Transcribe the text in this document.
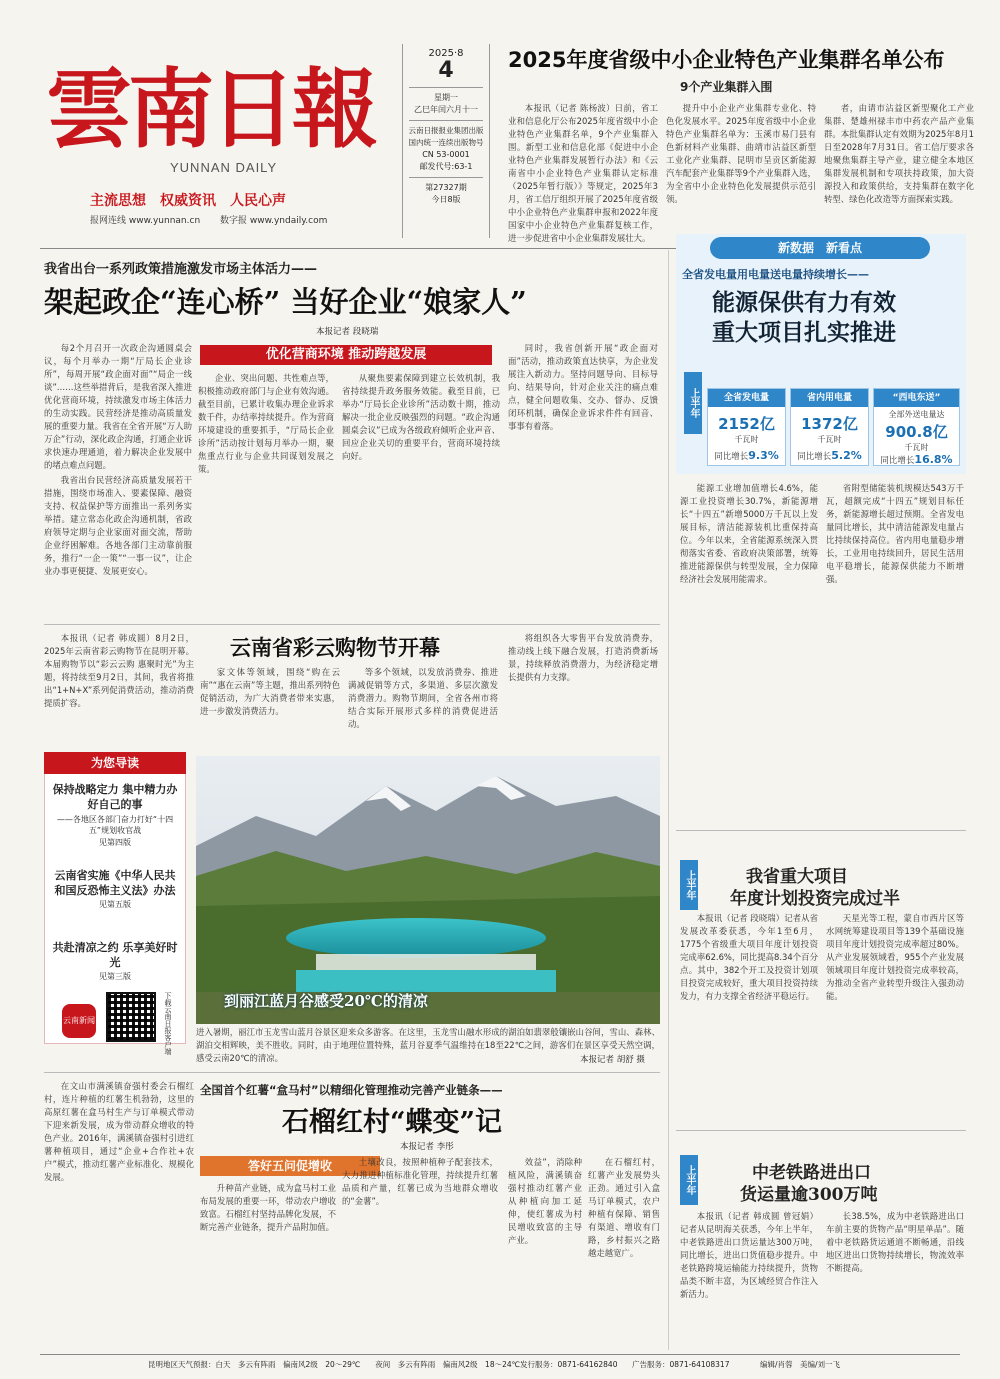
雲南日報
YUNNAN DAILY
主流思想　权威资讯　人民心声
报网连线 www.yunnan.cn 数字报 www.yndaily.com
2025·8
4
星期一
乙巳年闰六月十一
云南日报报业集团出版
国内统一连续出版物号
CN 53-0001
邮发代号:63-1
第27327期
今日8版
2025年度省级中小企业特色产业集群名单公布
9个产业集群入围

本报讯（记者 陈杨波）日前，省工业和信息化厅公布2025年度省级中小企业特色产业集群名单，9个产业集群入围。新型工业和信息化部《促进中小企业特色产业集群发展暂行办法》和《云南省中小企业特色产业集群认定标准（2025年暂行版）》等规定，2025年3月，省工信厅组织开展了2025年度省级中小企业特色产业集群申报和2022年度国家中小企业特色产业集群复核工作，进一步促进省中小企业集群发展壮大。

提升中小企业产业集群专业化、特色化发展水平。2025年度省级中小企业特色产业集群名单为：玉溪市易门县有色新材料产业集群、曲靖市沾益区新型工业化产业集群、昆明市呈贡区新能源汽车配套产业集群等9个产业集群入选，为全省中小企业特色化发展提供示范引领。

者，由请市沾益区新型聚化工产业集群、楚雄州禄丰市中药农产品产业集群。本批集群认定有效期为2025年8月1日至2028年7月31日。省工信厅要求各地聚焦集群主导产业，建立健全本地区集群发展机制和专项扶持政策，加大资源投入和政策供给，支持集群在数字化转型、绿色化改造等方面探索实践。

我省出台一系列政策措施激发市场主体活力——
架起政企“连心桥” 当好企业“娘家人”
本报记者 段晓瑞
优化营商环境 推动跨越发展

每2个月召开一次政企沟通圆桌会议，每个月举办一期“厅局长企业诊所”，每周开展“政企面对面”“局企一线谈”……这些举措背后，是我省深入推进优化营商环境，持续激发市场主体活力的生动实践。民营经济是推动高质量发展的重要力量。我省在全省开展“万人助万企”行动，深化政企沟通，打通企业诉求快速办理通道，着力解决企业发展中的堵点难点问题。

我省出台民营经济高质量发展若干措施，围绕市场准入、要素保障、融资支持、权益保护等方面推出一系列务实举措。建立常态化政企沟通机制，省政府领导定期与企业家面对面交流，帮助企业纾困解难。各地各部门主动靠前服务，推行“一企一策”“一事一议”，让企业办事更便捷、发展更安心。

企业、突出问题、共性难点等，积极推动政府部门与企业有效沟通。截至目前，已累计收集办理企业诉求数千件，办结率持续提升。作为营商环境建设的重要抓手，“厅局长企业诊所”活动按计划每月举办一期，聚焦重点行业与企业共同谋划发展之策。

从聚焦要素保障到建立长效机制，我省持续提升政务服务效能。截至目前，已举办“厅局长企业诊所”活动数十期，推动解决一批企业反映强烈的问题。“政企沟通圆桌会议”已成为各级政府倾听企业声音、回应企业关切的重要平台，营商环境持续向好。

同时，我省创新开展“政企面对面”活动，推动政策直达快享，为企业发展注入新动力。坚持问题导向、目标导向、结果导向，针对企业关注的痛点难点，健全问题收集、交办、督办、反馈闭环机制，确保企业诉求件件有回音、事事有着落。

新数据　新看点
全省发电量用电量送电量持续增长——
能源保供有力有效
重大项目扎实推进
上半年	全省发电量
2152亿
千瓦时
同比增长9.3%
省内用电量
1372亿
千瓦时
同比增长5.2%
“西电东送”
全部外送电量达
900.8亿
千瓦时
同比增长16.8%

能源工业增加值增长4.6%，能源工业投资增长30.7%，新能源增长“十四五”新增5000万千瓦以上发展目标，清洁能源装机比重保持高位。今年以来，全省能源系统深入贯彻落实省委、省政府决策部署，统筹推进能源保供与转型发展，全力保障经济社会发展用能需求。

省附型储能装机规模达543万千瓦，超额完成“十四五”规划目标任务，新能源增长超过预期。全省发电量同比增长，其中清洁能源发电量占比持续保持高位。省内用电量稳步增长，工业用电持续回升，居民生活用电平稳增长，能源保供能力不断增强。

本报讯（记者 韩成圆）8月2日，2025年云南省彩云购物节在昆明开幕。本届购物节以“彩云云购 惠聚时光”为主题，将持续至9月2日，其间，我省将推出“1+N+X”系列促消费活动，推动消费提质扩容。

云南省彩云购物节开幕

家文体等领域，围绕“购在云南”“惠在云南”等主题，推出系列特色促销活动，为广大消费者带来实惠，进一步激发消费活力。

等多个领域，以发放消费券、推进满减促销等方式，多渠道、多层次激发消费潜力。购物节期间，全省各州市将结合实际开展形式多样的消费促进活动。

将组织各大零售平台发放消费券，推动线上线下融合发展，打造消费新场景，持续释放消费潜力，为经济稳定增长提供有力支撑。

为您导读
保持战略定力 集中精力办好自己的事
——各地区各部门奋力打好“十四五”规划收官战
见第四版
云南省实施《中华人民共和国反恐怖主义法》办法
见第五版
共赴清凉之约 乐享美好时光
见第三版
云南新闻	下载云南日报客户端	到丽江蓝月谷感受20℃的清凉

进入暑期，丽江市玉龙雪山蓝月谷景区迎来众多游客。在这里，玉龙雪山融水形成的湖泊如翡翠般镶嵌山谷间，雪山、森林、湖泊交相辉映，美不胜收。同时，由于地理位置特殊，蓝月谷夏季气温维持在18至22℃之间，游客们在景区享受天然空调，感受云南20℃的清凉。	本报记者 胡舒 摄
上半年	我省重大项目
年度计划投资完成过半

本报讯（记者 段晓瑞）记者从省发展改革委获悉，今年1至6月，1775个省级重大项目年度计划投资完成率62.6%，同比提高8.34个百分点。其中，382个开工及投资计划项目投资完成较好，重大项目投资持续发力，有力支撑全省经济平稳运行。

天星光等工程，蒙自市西片区等水网统筹建设项目等139个基础设施项目年度计划投资完成率超过80%。从产业发展领域看，955个产业发展领域项目年度计划投资完成率较高，为推动全省产业转型升级注入强劲动能。

上半年	中老铁路进出口
货运量逾300万吨

本报讯（记者 韩成圆 曾冠娟）记者从昆明海关获悉，今年上半年，中老铁路进出口货运量达300万吨，同比增长，进出口货值稳步提升。中老铁路跨境运输能力持续提升，货物品类不断丰富，为区域经贸合作注入新活力。

长38.5%，成为中老铁路进出口车前主要的货物产品“明星单品”。随着中老铁路货运通道不断畅通，沿线地区进出口货物持续增长，物流效率不断提高。

在文山市满溪镇奋强村委会石榴红村，连片种植的红薯生机勃勃，这里的高原红薯在盒马村生产与订单模式带动下迎来新发展，成为带动群众增收的特色产业。2016年，满溪镇奋强村引进红薯种植项目，通过“企业+合作社+农户”模式，推动红薯产业标准化、规模化发展。

全国首个红薯“盒马村”以精细化管理推动完善产业链条——
石榴红村“蝶变”记
本报记者 李彤
答好五问促增收

升种苗产业链，成为盒马村工业布局发展的重要一环，带动农户增收致富。石榴红村坚持品牌化发展，不断完善产业链条，提升产品附加值。

土壤改良，按照种植种子配套技术，大力推进种植标准化管理，持续提升红薯品质和产量，红薯已成为当地群众增收的“金薯”。

效益”，消除种植风险，满溪镇奋强村推动红薯产业从种植向加工延伸，使红薯成为村民增收致富的主导产业。

在石榴红村，红薯产业发展势头正劲。通过引入盒马订单模式，农户种植有保障、销售有渠道、增收有门路，乡村振兴之路越走越宽广。

昆明地区天气预报：白天　多云有阵雨　偏南风2级　20～29℃　　夜间　多云有阵雨　偏南风2级　18～24℃ 发行服务：0871-64162840 广告服务：0871-64108317	编辑/肖蓉　美编/刘一飞
